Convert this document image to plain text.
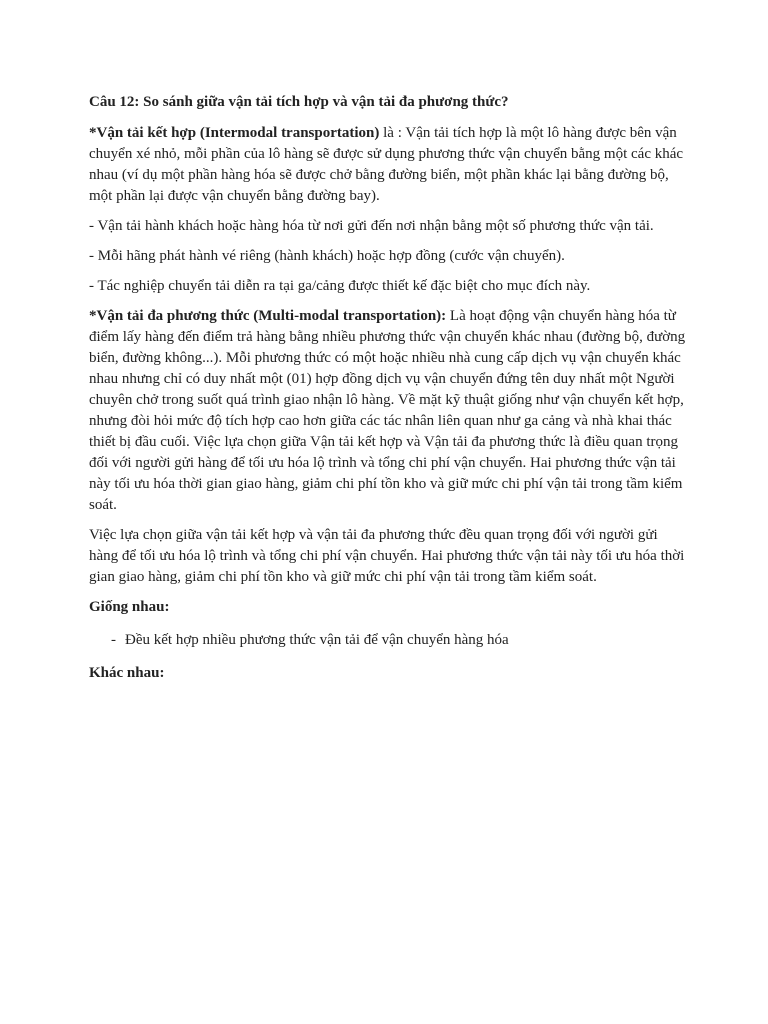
Câu 12: So sánh giữa vận tải tích hợp và vận tải đa phương thức?

*Vận tải kết hợp (Intermodal transportation) là : Vận tải tích hợp là một lô hàng được bên vận chuyển xé nhỏ, mỗi phần của lô hàng sẽ được sử dụng phương thức vận chuyển bằng một các khác nhau (ví dụ một phần hàng hóa sẽ được chở bằng đường biển, một phần khác lại bằng đường bộ, một phần lại được vận chuyển bằng đường bay).

- Vận tải hành khách hoặc hàng hóa từ nơi gửi đến nơi nhận bằng một số phương thức vận tải.

- Mỗi hãng phát hành vé riêng (hành khách) hoặc hợp đồng (cước vận chuyển).

- Tác nghiệp chuyển tải diễn ra tại ga/cảng được thiết kế đặc biệt cho mục đích này.

*Vận tải đa phương thức (Multi-modal transportation): Là hoạt động vận chuyển hàng hóa từ điểm lấy hàng đến điểm trả hàng bằng nhiều phương thức vận chuyển khác nhau (đường bộ, đường biển, đường không...). Mỗi phương thức có một hoặc nhiều nhà cung cấp dịch vụ vận chuyển khác nhau nhưng chỉ có duy nhất một (01) hợp đồng dịch vụ vận chuyển đứng tên duy nhất một Người chuyên chở trong suốt quá trình giao nhận lô hàng. Về mặt kỹ thuật giống như vận chuyển kết hợp, nhưng đòi hỏi mức độ tích hợp cao hơn giữa các tác nhân liên quan như ga cảng và nhà khai thác thiết bị đầu cuối. Việc lựa chọn giữa Vận tải kết hợp và Vận tải đa phương thức là điều quan trọng đối với người gửi hàng để tối ưu hóa lộ trình và tổng chi phí vận chuyển. Hai phương thức vận tải này tối ưu hóa thời gian giao hàng, giảm chi phí tồn kho và giữ mức chi phí vận tải trong tầm kiểm soát.

Việc lựa chọn giữa vận tải kết hợp và vận tải đa phương thức đều quan trọng đối với người gửi hàng để tối ưu hóa lộ trình và tổng chi phí vận chuyển. Hai phương thức vận tải này tối ưu hóa thời gian giao hàng, giảm chi phí tồn kho và giữ mức chi phí vận tải trong tầm kiểm soát.

Giống nhau:

- Đều kết hợp nhiều phương thức vận tải để vận chuyển hàng hóa

Khác nhau:
